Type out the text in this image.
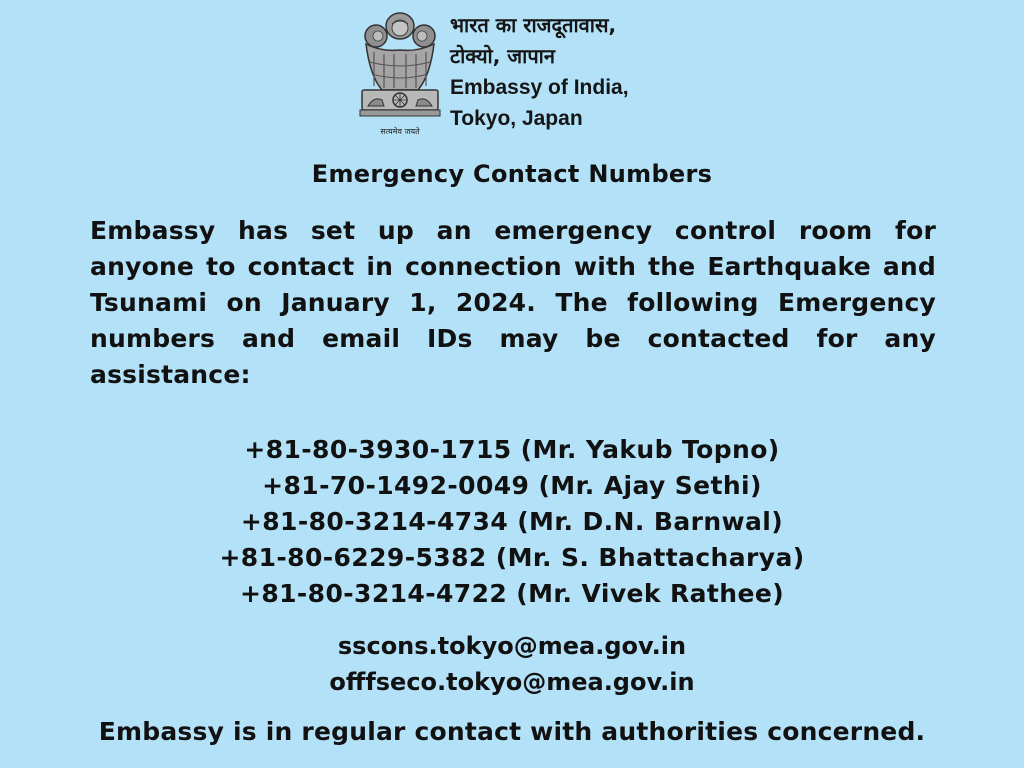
सत्यमेव जयते
भारत का राजदूतावास,
टोक्यो, जापान
Embassy of India,
Tokyo, Japan
Emergency Contact Numbers
Embassy has set up an emergency control room for anyone to contact in connection with the Earthquake and Tsunami on January 1, 2024. The following Emergency numbers and email IDs may be contacted for any assistance:
+81-80-3930-1715 (Mr. Yakub Topno)
+81-70-1492-0049 (Mr. Ajay Sethi)
+81-80-3214-4734 (Mr. D.N. Barnwal)
+81-80-6229-5382 (Mr. S. Bhattacharya)
+81-80-3214-4722 (Mr. Vivek Rathee)
sscons.tokyo@mea.gov.in
offfseco.tokyo@mea.gov.in
Embassy is in regular contact with authorities concerned.
